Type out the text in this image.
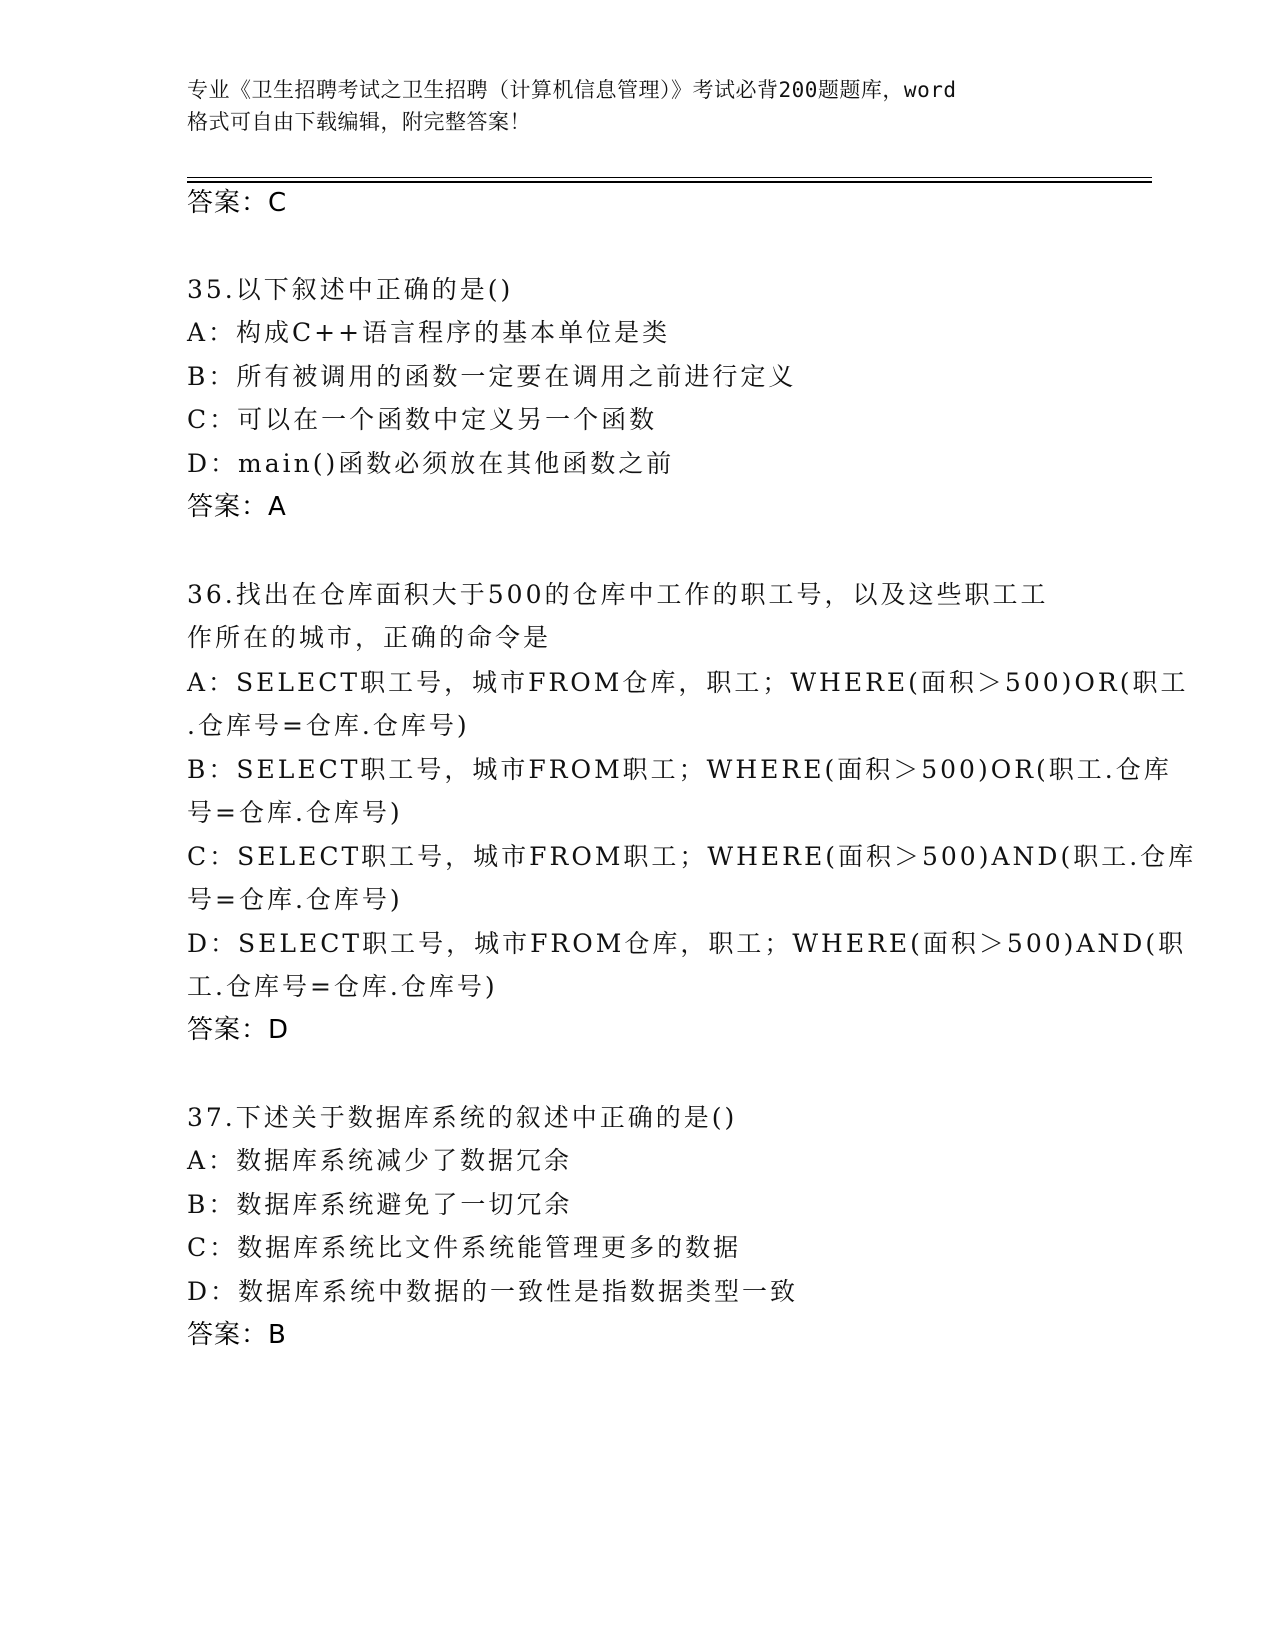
专业《卫生招聘考试之卫生招聘（计算机信息管理）》考试必背200题题库，word
格式可自由下载编辑，附完整答案！
答案：C
35.以下叙述中正确的是()
A：构成C++语言程序的基本单位是类
B：所有被调用的函数一定要在调用之前进行定义
C：可以在一个函数中定义另一个函数
D：main()函数必须放在其他函数之前
答案：A
36.找出在仓库面积大于500的仓库中工作的职工号，以及这些职工工
作所在的城市，正确的命令是
A：SELECT职工号，城市FROM仓库，职工；WHERE(面积＞500)OR(职工
.仓库号=仓库.仓库号)
B：SELECT职工号，城市FROM职工；WHERE(面积＞500)OR(职工.仓库
号=仓库.仓库号)
C：SELECT职工号，城市FROM职工；WHERE(面积＞500)AND(职工.仓库
号=仓库.仓库号)
D：SELECT职工号，城市FROM仓库，职工；WHERE(面积＞500)AND(职
工.仓库号=仓库.仓库号)
答案：D
37.下述关于数据库系统的叙述中正确的是()
A：数据库系统减少了数据冗余
B：数据库系统避免了一切冗余
C：数据库系统比文件系统能管理更多的数据
D：数据库系统中数据的一致性是指数据类型一致
答案：B
